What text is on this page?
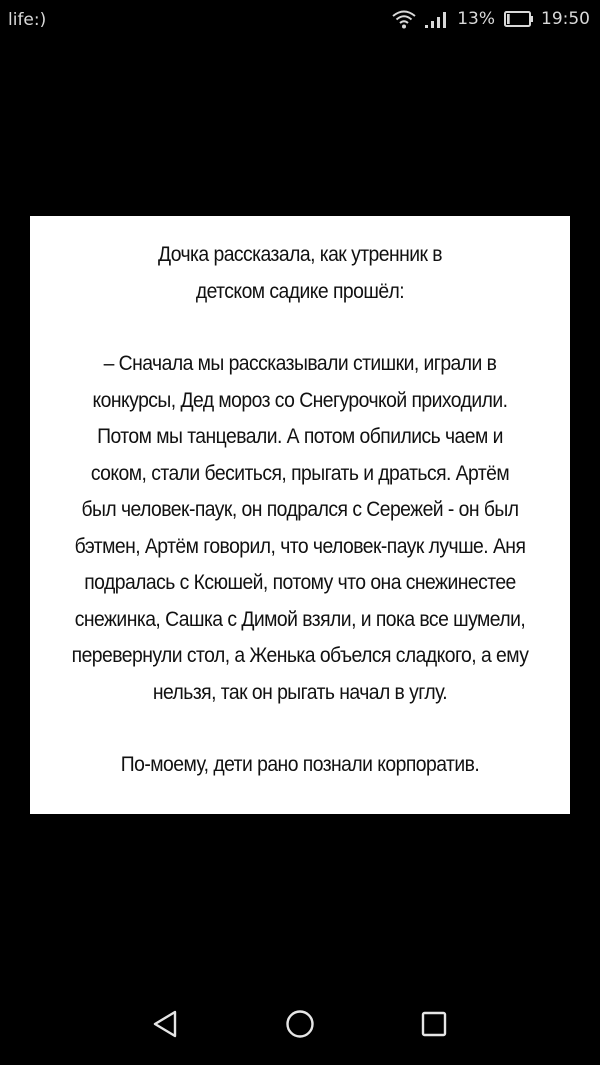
life:)	13%	19:50

Дочка рассказала, как утренник в
детском садике прошёл:

– Сначала мы рассказывали стишки, играли в
конкурсы, Дед мороз со Снегурочкой приходили.
Потом мы танцевали. А потом обпились чаем и
соком, стали беситься, прыгать и драться. Артём
был человек-паук, он подрался с Сережей - он был
бэтмен, Артём говорил, что человек-паук лучше. Аня
подралась с Ксюшей, потому что она снежинестее
снежинка, Сашка с Димой взяли, и пока все шумели,
перевернули стол, а Женька объелся сладкого, а ему
нельзя, так он рыгать начал в углу.

По-моему, дети рано познали корпоратив.
